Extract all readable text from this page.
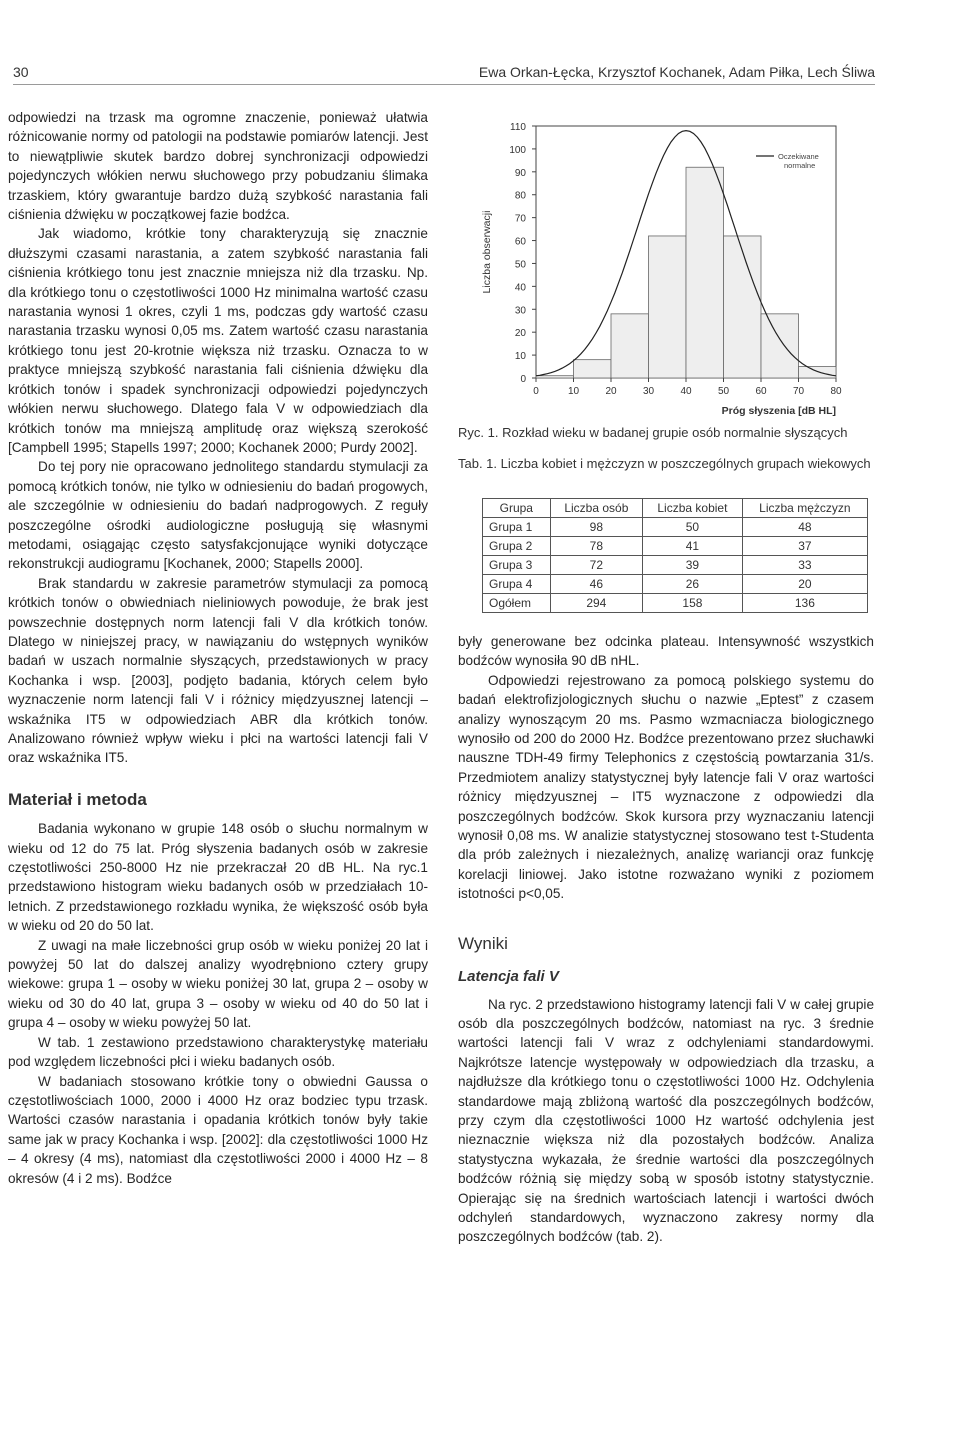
30	Ewa Orkan-Łęcka, Krzysztof Kochanek, Adam Piłka, Lech Śliwa

odpowiedzi na trzask ma ogromne znaczenie, ponieważ ułatwia różnicowanie normy od patologii na podstawie pomiarów latencji. Jest to niewątpliwie skutek bardzo dobrej synchronizacji odpowiedzi pojedynczych włókien nerwu słuchowego przy pobudzaniu ślimaka trzaskiem, który gwarantuje bardzo dużą szybkość narastania fali ciśnienia dźwięku w początkowej fazie bodźca.

Jak wiadomo, krótkie tony charakteryzują się znacznie dłuższymi czasami narastania, a zatem szybkość narastania fali ciśnienia krótkiego tonu jest znacznie mniejsza niż dla trzasku. Np. dla krótkiego tonu o częstotliwości 1000 Hz minimalna wartość czasu narastania wynosi 1 okres, czyli 1 ms, podczas gdy wartość czasu narastania trzasku wynosi 0,05 ms. Zatem wartość czasu narastania krótkiego tonu jest 20-krotnie większa niż trzasku. Oznacza to w praktyce mniejszą szybkość narastania fali ciśnienia dźwięku dla krótkich tonów i spadek synchronizacji odpowiedzi pojedynczych włókien nerwu słuchowego. Dlatego fala V w odpowiedziach dla krótkich tonów ma mniejszą amplitudę oraz większą szerokość [Campbell 1995; Stapells 1997; 2000; Kochanek 2000; Purdy 2002].

Do tej pory nie opracowano jednolitego standardu stymulacji za pomocą krótkich tonów, nie tylko w odniesieniu do badań progowych, ale szczególnie w odniesieniu do badań nadprogowych. Z reguły poszczególne ośrodki audiologiczne posługują się własnymi metodami, osiągając często satysfakcjonujące wyniki dotyczące rekonstrukcji audiogramu [Kochanek, 2000; Stapells 2000].

Brak standardu w zakresie parametrów stymulacji za pomocą krótkich tonów o obwiedniach nieliniowych powoduje, że brak jest powszechnie dostępnych norm latencji fali V dla krótkich tonów. Dlatego w niniejszej pracy, w nawiązaniu do wstępnych wyników badań w uszach normalnie słyszących, przedstawionych w pracy Kochanka i wsp. [2003], podjęto badania, których celem było wyznaczenie norm latencji fali V i różnicy międzyusznej latencji – wskaźnika IT5 w odpowiedziach ABR dla krótkich tonów. Analizowano również wpływ wieku i płci na wartości latencji fali V oraz wskaźnika IT5.

Materiał i metoda

Badania wykonano w grupie 148 osób o słuchu normalnym w wieku od 12 do 75 lat. Próg słyszenia badanych osób w zakresie częstotliwości 250-8000 Hz nie przekraczał 20 dB HL. Na ryc.1 przedstawiono histogram wieku badanych osób w przedziałach 10-letnich. Z przedstawionego rozkładu wynika, że większość osób była w wieku od 20 do 50 lat.

Z uwagi na małe liczebności grup osób w wieku poniżej 20 lat i powyżej 50 lat do dalszej analizy wyodrębniono cztery grupy wiekowe: grupa 1 – osoby w wieku poniżej 30 lat, grupa 2 – osoby w wieku od 30 do 40 lat, grupa 3 – osoby w wieku od 40 do 50 lat i grupa 4 – osoby w wieku powyżej 50 lat.

W tab. 1 zestawiono przedstawiono charakterystykę materiału pod względem liczebności płci i wieku badanych osób.

W badaniach stosowano krótkie tony o obwiedni Gaussa o częstotliwościach 1000, 2000 i 4000 Hz oraz bodziec typu trzask. Wartości czasów narastania i opadania krótkich tonów były takie same jak w pracy Kochanka i wsp. [2002]: dla częstotliwości 1000 Hz – 4 okresy (4 ms), natomiast dla częstotliwości 2000 i 4000 Hz – 8 okresów (4 i 2 ms). Bodźce

0
10
20
30
40
50
60
70
80
90
100
110
0	10	20	30	40	50	60	70	80
Próg słyszenia [dB HL]
Liczba obserwacji
Oczekiwane
normalne
Ryc. 1. Rozkład wieku w badanej grupie osób normalnie słyszących
Tab. 1. Liczba kobiet i mężczyzn w poszczególnych grupach wiekowych
Grupa	Liczba osób	Liczba kobiet	Liczba mężczyzn
Grupa 1	98	50	48
Grupa 2	78	41	37
Grupa 3	72	39	33
Grupa 4	46	26	20
Ogółem	294	158	136

były generowane bez odcinka plateau. Intensywność wszystkich bodźców wynosiła 90 dB nHL.

Odpowiedzi rejestrowano za pomocą polskiego systemu do badań elektrofizjologicznych słuchu o nazwie „Eptest” z czasem analizy wynoszącym 20 ms. Pasmo wzmacniacza biologicznego wynosiło od 200 do 2000 Hz. Bodźce prezentowano przez słuchawki nauszne TDH-49 firmy Telephonics z częstością powtarzania 31/s. Przedmiotem analizy statystycznej były latencje fali V oraz wartości różnicy międzyusznej – IT5 wyznaczone z odpowiedzi dla poszczególnych bodźców. Skok kursora przy wyznaczaniu latencji wynosił 0,08 ms. W analizie statystycznej stosowano test t-Studenta dla prób zależnych i niezależnych, analizę wariancji oraz funkcję korelacji liniowej. Jako istotne rozważano wyniki z poziomem istotności p<0,05.

Wyniki
Latencja fali V

Na ryc. 2 przedstawiono histogramy latencji fali V w całej grupie osób dla poszczególnych bodźców, natomiast na ryc. 3 średnie wartości latencji fali V wraz z odchyleniami standardowymi. Najkrótsze latencje występowały w odpowiedziach dla trzasku, a najdłuższe dla krótkiego tonu o częstotliwości 1000 Hz. Odchylenia standardowe mają zbliżoną wartość dla poszczególnych bodźców, przy czym dla częstotliwości 1000 Hz wartość odchylenia jest nieznacznie większa niż dla pozostałych bodźców. Analiza statystyczna wykazała, że średnie wartości dla poszczególnych bodźców różnią się między sobą w sposób istotny statystycznie. Opierając się na średnich wartościach latencji i wartości dwóch odchyleń standardowych, wyznaczono zakresy normy dla poszczególnych bodźców (tab. 2).
